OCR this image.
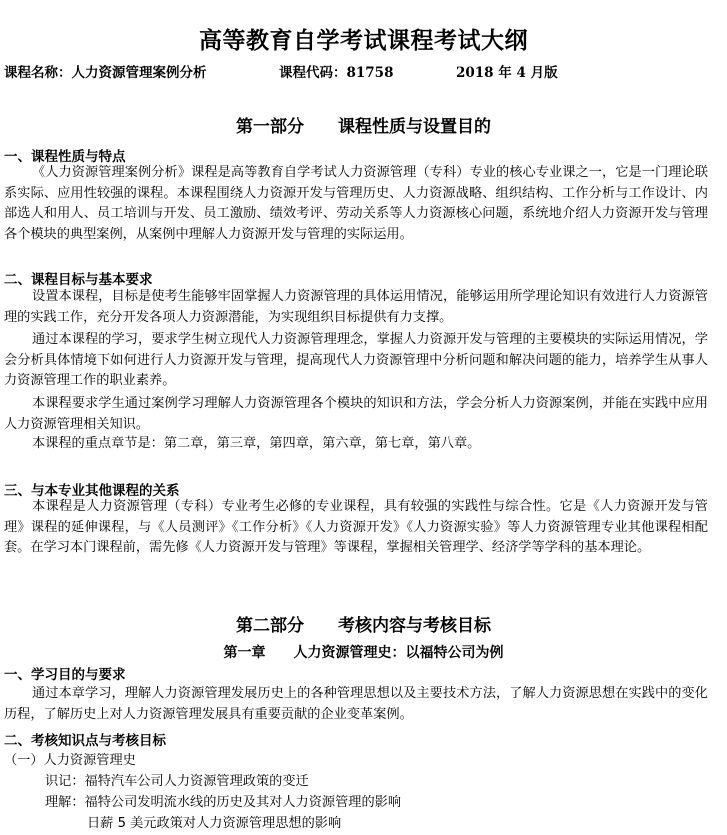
高等教育自学考试课程考试大纲
课程名称：人力资源管理案例分析	课程代码：81758	2018 年 4 月版
第一部分　　课程性质与设置目的
一、课程性质与特点
《人力资源管理案例分析》课程是高等教育自学考试人力资源管理（专科）专业的核心专业课之一，它是一门理论联系实际、应用性较强的课程。本课程围绕人力资源开发与管理历史、人力资源战略、组织结构、工作分析与工作设计、内部选人和用人、员工培训与开发、员工激励、绩效考评、劳动关系等人力资源核心问题，系统地介绍人力资源开发与管理各个模块的典型案例，从案例中理解人力资源开发与管理的实际运用。
二、课程目标与基本要求
设置本课程，目标是使考生能够牢固掌握人力资源管理的具体运用情况，能够运用所学理论知识有效进行人力资源管理的实践工作，充分开发各项人力资源潜能，为实现组织目标提供有力支撑。
通过本课程的学习，要求学生树立现代人力资源管理理念，掌握人力资源开发与管理的主要模块的实际运用情况，学会分析具体情境下如何进行人力资源开发与管理，提高现代人力资源管理中分析问题和解决问题的能力，培养学生从事人力资源管理工作的职业素养。
本课程要求学生通过案例学习理解人力资源管理各个模块的知识和方法，学会分析人力资源案例，并能在实践中应用人力资源管理相关知识。
本课程的重点章节是：第二章，第三章，第四章，第六章，第七章，第八章。
三、与本专业其他课程的关系
本课程是人力资源管理（专科）专业考生必修的专业课程，具有较强的实践性与综合性。它是《人力资源开发与管理》课程的延伸课程，与《人员测评》《工作分析》《人力资源开发》《人力资源实验》等人力资源管理专业其他课程相配套。在学习本门课程前，需先修《人力资源开发与管理》等课程，掌握相关管理学、经济学等学科的基本理论。
第二部分　　考核内容与考核目标
第一章　　人力资源管理史：以福特公司为例
一、学习目的与要求
通过本章学习，理解人力资源管理发展历史上的各种管理思想以及主要技术方法，了解人力资源思想在实践中的变化历程，了解历史上对人力资源管理发展具有重要贡献的企业变革案例。
二、考核知识点与考核目标
（一）人力资源管理史
识记：福特汽车公司人力资源管理政策的变迁
理解：福特公司发明流水线的历史及其对人力资源管理的影响
日薪 5 美元政策对人力资源管理思想的影响
